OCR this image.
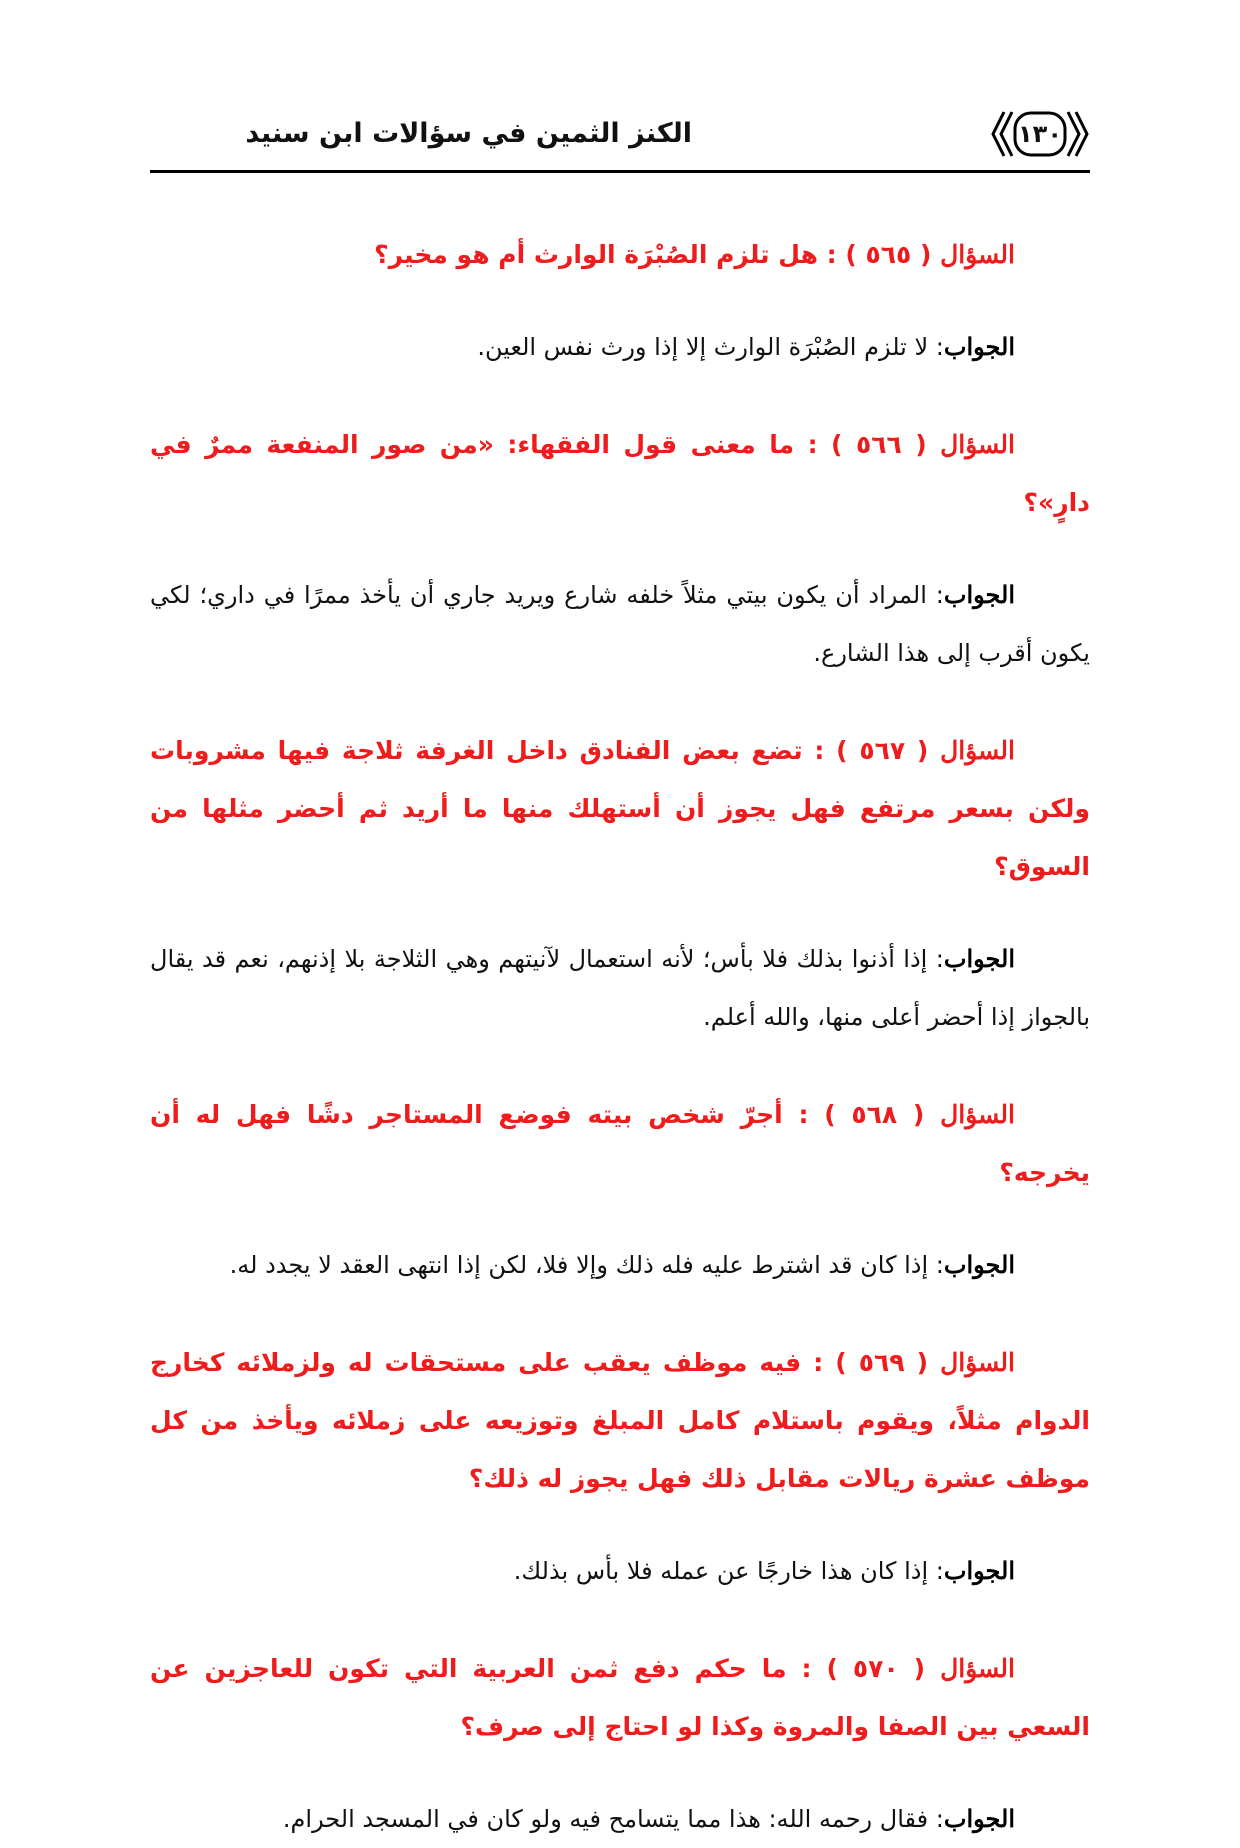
١٣٠
الكنز الثمين في سؤالات ابن سنيد

السؤال ( ٥٦٥ ) : هل تلزم الصُبْرَة الوارث أم هو مخير؟

الجواب: لا تلزم الصُبْرَة الوارث إلا إذا ورث نفس العين.

السؤال ( ٥٦٦ ) : ما معنى قول الفقهاء: «من صور المنفعة ممرٌ في دارٍ»؟

الجواب: المراد أن يكون بيتي مثلاً خلفه شارع ويريد جاري أن يأخذ ممرًا في داري؛ لكي يكون أقرب إلى هذا الشارع.

السؤال ( ٥٦٧ ) : تضع بعض الفنادق داخل الغرفة ثلاجة فيها مشروبات ولكن بسعر مرتفع فهل يجوز أن أستهلك منها ما أريد ثم أحضر مثلها من السوق؟

الجواب: إذا أذنوا بذلك فلا بأس؛ لأنه استعمال لآنيتهم وهي الثلاجة بلا إذنهم، نعم قد يقال بالجواز إذا أحضر أعلى منها، والله أعلم.

السؤال ( ٥٦٨ ) : أجرّ شخص بيته فوضع المستاجر دشًا فهل له أن يخرجه؟

الجواب: إذا كان قد اشترط عليه فله ذلك وإلا فلا، لكن إذا انتهى العقد لا يجدد له.

السؤال ( ٥٦٩ ) : فيه موظف يعقب على مستحقات له ولزملائه كخارج الدوام مثلاً، ويقوم باستلام كامل المبلغ وتوزيعه على زملائه ويأخذ من كل موظف عشرة ريالات مقابل ذلك فهل يجوز له ذلك؟

الجواب: إذا كان هذا خارجًا عن عمله فلا بأس بذلك.

السؤال ( ٥٧٠ ) : ما حكم دفع ثمن العربية التي تكون للعاجزين عن السعي بين الصفا والمروة وكذا لو احتاج إلى صرف؟

الجواب: فقال رحمه الله: هذا مما يتسامح فيه ولو كان في المسجد الحرام.
